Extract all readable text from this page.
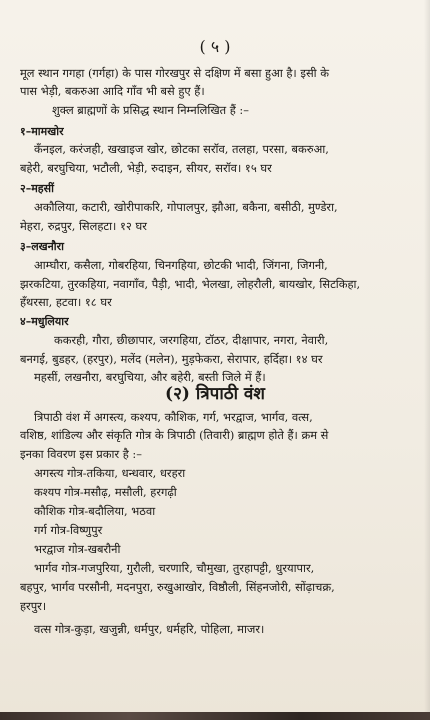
( ५ )
मूल स्थान गगहा (गर्गहा) के पास गोरखपुर से दक्षिण में बसा हुआ है। इसी के
पास भेड़ी, बकरुआ आदि गाँव भी बसे हुए हैं।
शुक्ल ब्राह्मणों के प्रसिद्ध स्थान निम्नलिखित हैं :–
१–मामखोर
कँनइल, करंजही, खखाइज खोर, छोटका सरॉव, तलहा, परसा, बकरुआ,
बहेरी, बरघुचिया, भटौली, भेड़ी, रुदाइन, सीयर, सरॉव। १५ घर
२–महसीं
अकौलिया, कटारी, खोरीपाकरि, गोपालपुर, झौआ, बकैना, बसीठी, मुण्डेरा,
मेहरा, रुद्रपुर, सिलहटा। १२ घर
३–लखनौरा
आम्घौरा, कसैला, गोबरहिया, चिनगहिया, छोटकी भादी, जिंगना, जिगनी,
झरकटिया, तुरकहिया, नवागाँव, पैड़ी, भादी, भेलखा, लोहरौली, बायखोर, सिटकिहा,
हँथरसा, हटवा। १८ घर
४–मधुलियार
ककरही, गौरा, छीछापार, जरगहिया, टॉठर, दीक्षापार, नगरा, नेवारी,
बनगई, बुडहर, (हरपुर), मलेंद (मलेन), मुड़फेकरा, सेरापार, हर्दिहा। १४ घर
महसीं, लखनौरा, बरघुचिया, और बहेरी, बस्ती जिले में हैं।
(२) त्रिपाठी वंश
त्रिपाठी वंश में अगस्त्य, कश्यप, कौशिक, गर्ग, भरद्वाज, भार्गव, वत्स,
वशिष्ठ, शांडिल्य और संकृति गोत्र के त्रिपाठी (तिवारी) ब्राह्मण होते हैं। क्रम से
इनका विवरण इस प्रकार है :–
अगस्त्य गोत्र-तकिया, धन्धवार, धरहरा
कश्यप गोत्र-मसौढ़, मसौली, हरगढ़ी
कौशिक गोत्र-बदौलिया, भठवा
गर्ग गोत्र-विष्णुपुर
भरद्वाज गोत्र-खबरौनी
भार्गव गोत्र-गजपुरिया, गुरौली, चरणारि, चौमुखा, तुरहापट्टी, धुरयापार,
बहपुर, भार्गव परसौनी, मदनपुरा, रुखुआखोर, विष्ठौली, सिंहनजोरी, सोंढ़ाचक्र,
हरपुर।
वत्स गोत्र-कुड़ा, खजुन्नी, धर्मपुर, धर्महरि, पोहिला, माजर।
